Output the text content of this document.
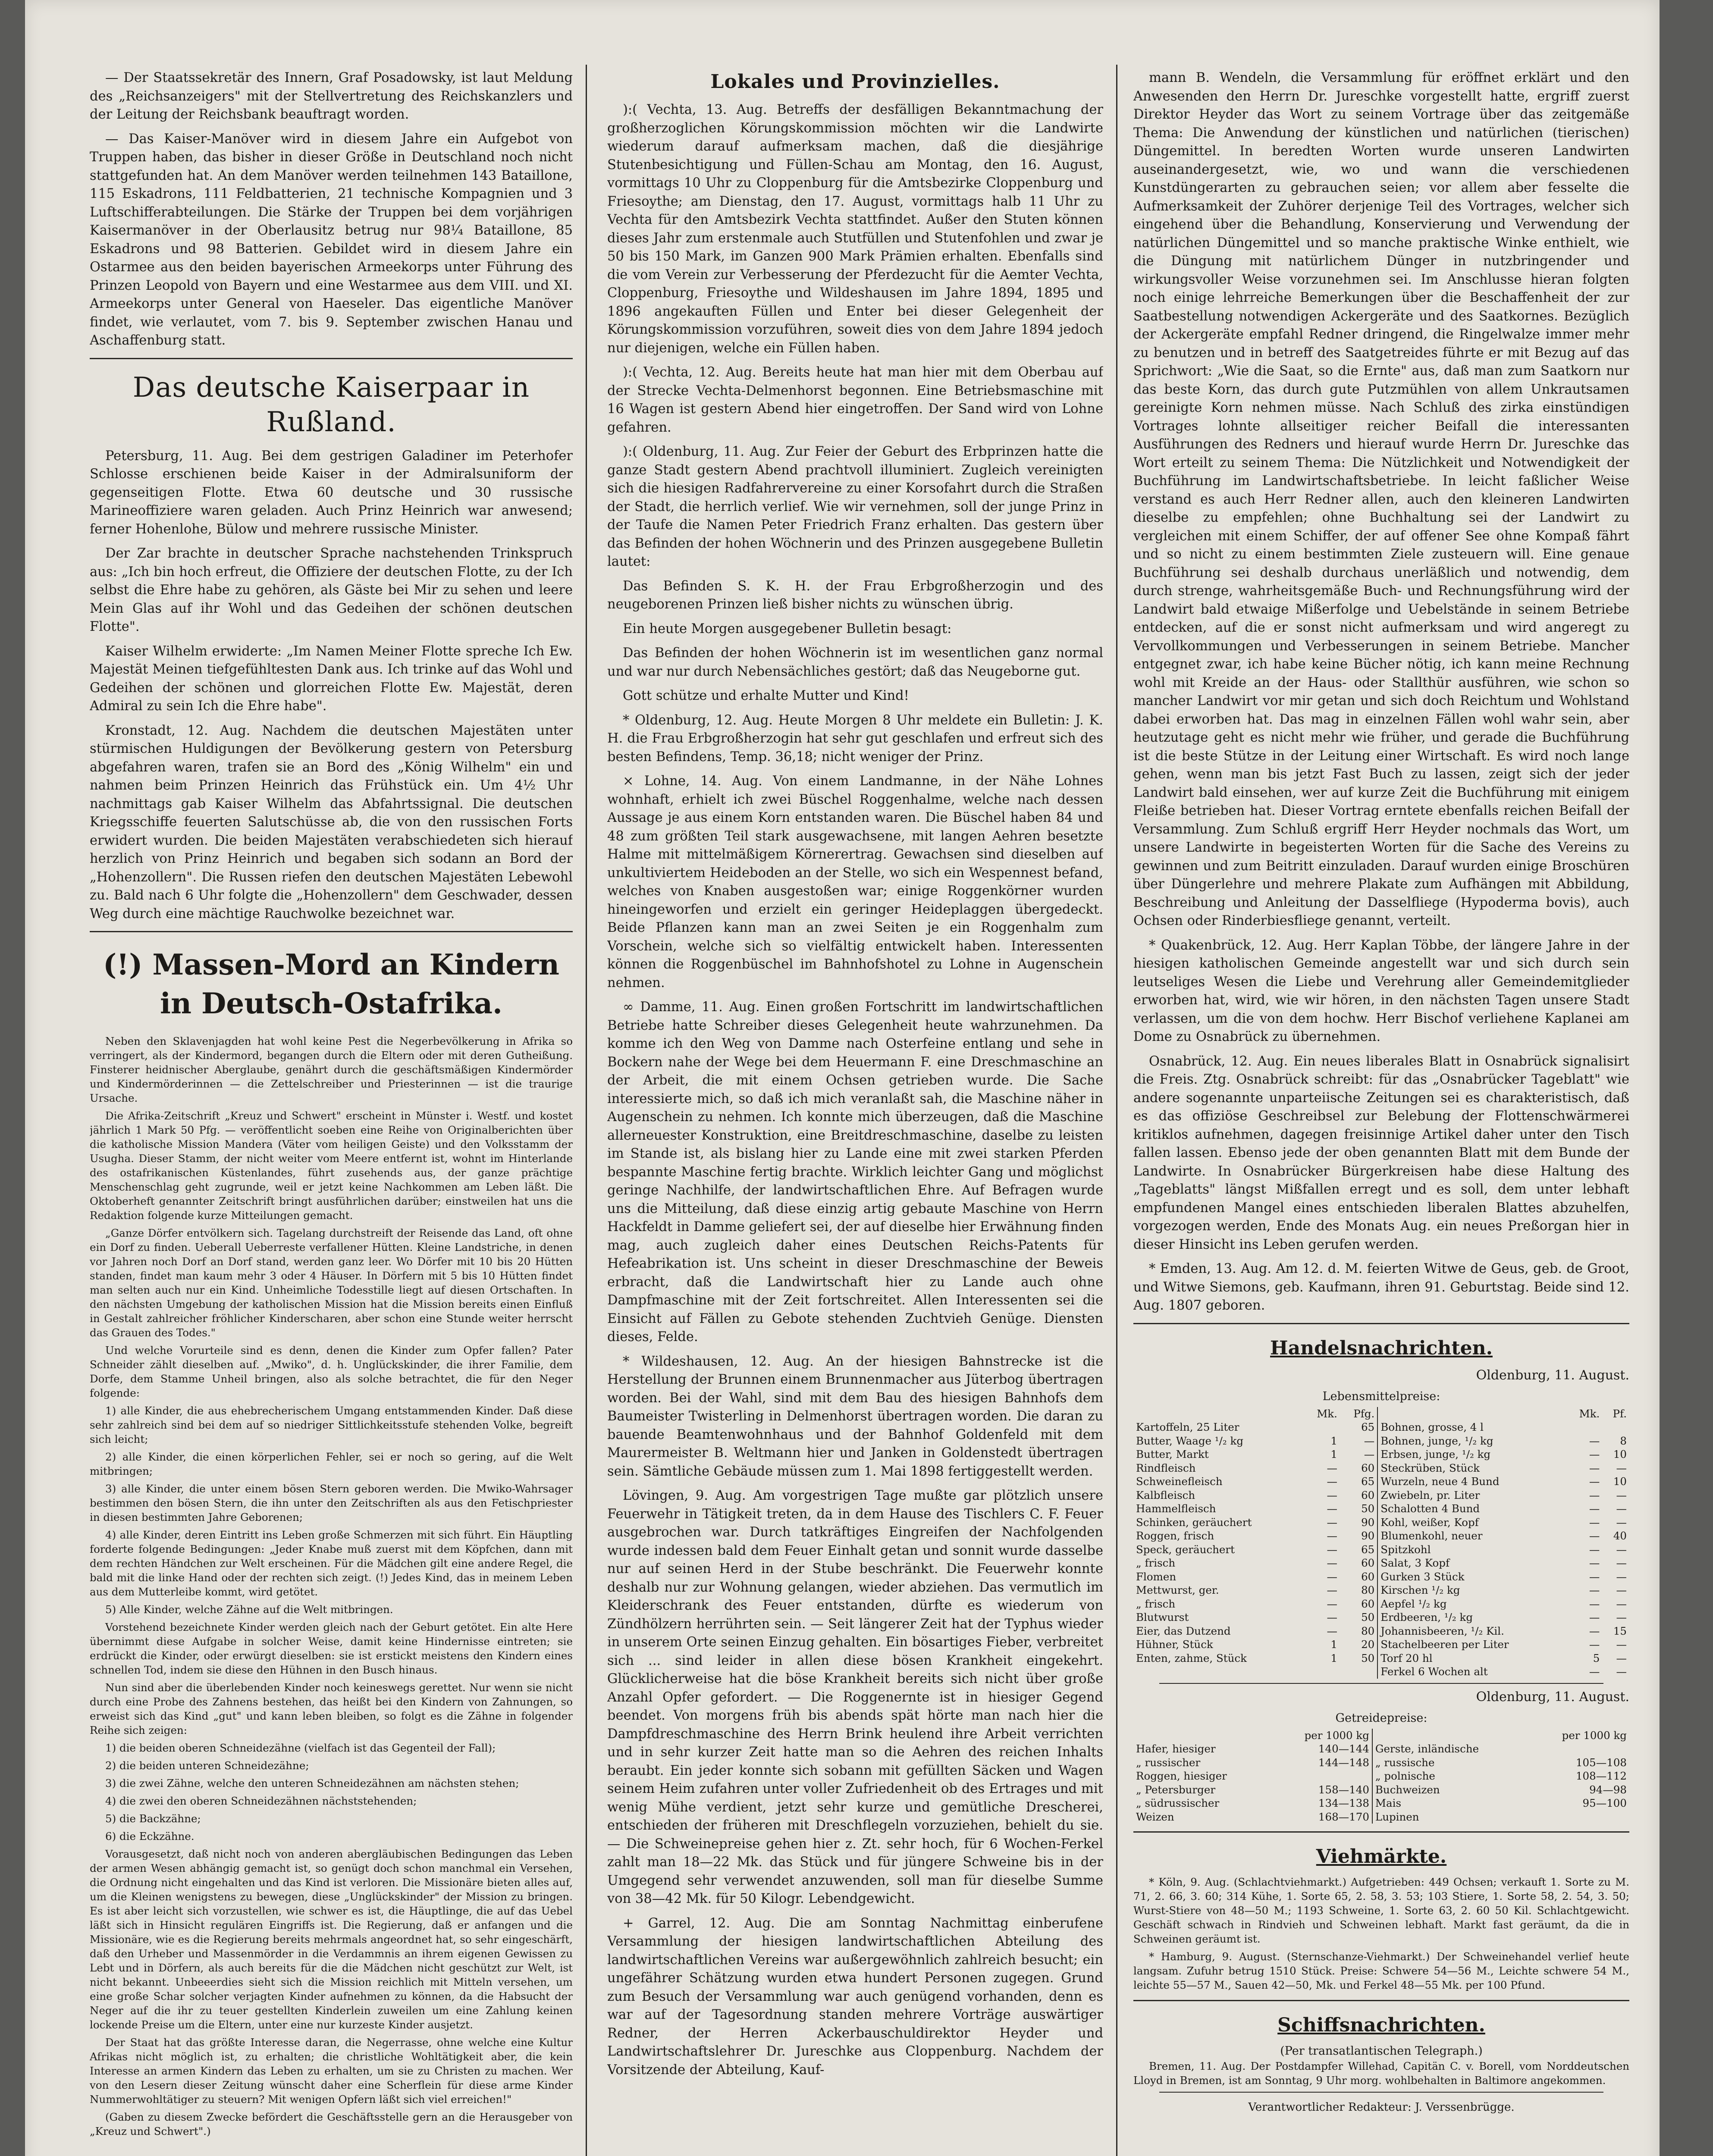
— Der Staatssekretär des Innern, Graf Posadowsky, ist laut Meldung des „Reichsanzeigers" mit der Stellvertretung des Reichskanzlers und der Leitung der Reichsbank beauftragt worden.

— Das Kaiser-Manöver wird in diesem Jahre ein Aufgebot von Truppen haben, das bisher in dieser Größe in Deutschland noch nicht stattgefunden hat. An dem Manöver werden teilnehmen 143 Bataillone, 115 Eskadrons, 111 Feldbatterien, 21 technische Kompagnien und 3 Luftschifferabteilungen. Die Stärke der Truppen bei dem vorjährigen Kaisermanöver in der Oberlausitz betrug nur 98¼ Bataillone, 85 Eskadrons und 98 Batterien. Gebildet wird in diesem Jahre ein Ostarmee aus den beiden bayerischen Armeekorps unter Führung des Prinzen Leopold von Bayern und eine Westarmee aus dem VIII. und XI. Armeekorps unter General von Haeseler. Das eigentliche Manöver findet, wie verlautet, vom 7. bis 9. September zwischen Hanau und Aschaffenburg statt.

Das deutsche Kaiserpaar in Rußland.

Petersburg, 11. Aug. Bei dem gestrigen Galadiner im Peterhofer Schlosse erschienen beide Kaiser in der Admiralsuniform der gegenseitigen Flotte. Etwa 60 deutsche und 30 russische Marineoffiziere waren geladen. Auch Prinz Heinrich war anwesend; ferner Hohenlohe, Bülow und mehrere russische Minister.

Der Zar brachte in deutscher Sprache nachstehenden Trinkspruch aus: „Ich bin hoch erfreut, die Offiziere der deutschen Flotte, zu der Ich selbst die Ehre habe zu gehören, als Gäste bei Mir zu sehen und leere Mein Glas auf ihr Wohl und das Gedeihen der schönen deutschen Flotte".

Kaiser Wilhelm erwiderte: „Im Namen Meiner Flotte spreche Ich Ew. Majestät Meinen tiefgefühltesten Dank aus. Ich trinke auf das Wohl und Gedeihen der schönen und glorreichen Flotte Ew. Majestät, deren Admiral zu sein Ich die Ehre habe".

Kronstadt, 12. Aug. Nachdem die deutschen Majestäten unter stürmischen Huldigungen der Bevölkerung gestern von Petersburg abgefahren waren, trafen sie an Bord des „König Wilhelm" ein und nahmen beim Prinzen Heinrich das Frühstück ein. Um 4½ Uhr nachmittags gab Kaiser Wilhelm das Abfahrtssignal. Die deutschen Kriegsschiffe feuerten Salutschüsse ab, die von den russischen Forts erwidert wurden. Die beiden Majestäten verabschiedeten sich hierauf herzlich von Prinz Heinrich und begaben sich sodann an Bord der „Hohenzollern". Die Russen riefen den deutschen Majestäten Lebewohl zu. Bald nach 6 Uhr folgte die „Hohenzollern" dem Geschwader, dessen Weg durch eine mächtige Rauchwolke bezeichnet war.

(!) Massen-Mord an Kindern in Deutsch-Ostafrika.

Neben den Sklavenjagden hat wohl keine Pest die Negerbevölkerung in Afrika so verringert, als der Kindermord, begangen durch die Eltern oder mit deren Gutheißung. Finsterer heidnischer Aberglaube, genährt durch die geschäftsmäßigen Kindermörder und Kindermörderinnen — die Zettelschreiber und Priesterinnen — ist die traurige Ursache.

Die Afrika-Zeitschrift „Kreuz und Schwert" erscheint in Münster i. Westf. und kostet jährlich 1 Mark 50 Pfg. — veröffentlicht soeben eine Reihe von Originalberichten über die katholische Mission Mandera (Väter vom heiligen Geiste) und den Volksstamm der Usugha. Dieser Stamm, der nicht weiter vom Meere entfernt ist, wohnt im Hinterlande des ostafrikanischen Küstenlandes, führt zusehends aus, der ganze prächtige Menschenschlag geht zugrunde, weil er jetzt keine Nachkommen am Leben läßt. Die Oktoberheft genannter Zeitschrift bringt ausführlichen darüber; einstweilen hat uns die Redaktion folgende kurze Mitteilungen gemacht.

„Ganze Dörfer entvölkern sich. Tagelang durchstreift der Reisende das Land, oft ohne ein Dorf zu finden. Ueberall Ueberreste verfallener Hütten. Kleine Landstriche, in denen vor Jahren noch Dorf an Dorf stand, werden ganz leer. Wo Dörfer mit 10 bis 20 Hütten standen, findet man kaum mehr 3 oder 4 Häuser. In Dörfern mit 5 bis 10 Hütten findet man selten auch nur ein Kind. Unheimliche Todesstille liegt auf diesen Ortschaften. In den nächsten Umgebung der katholischen Mission hat die Mission bereits einen Einfluß in Gestalt zahlreicher fröhlicher Kinderscharen, aber schon eine Stunde weiter herrscht das Grauen des Todes."

Und welche Vorurteile sind es denn, denen die Kinder zum Opfer fallen? Pater Schneider zählt dieselben auf. „Mwiko", d. h. Unglückskinder, die ihrer Familie, dem Dorfe, dem Stamme Unheil bringen, also als solche betrachtet, die für den Neger folgende:

1) alle Kinder, die aus ehebrecherischem Umgang entstammenden Kinder. Daß diese sehr zahlreich sind bei dem auf so niedriger Sittlichkeitsstufe stehenden Volke, begreift sich leicht;

2) alle Kinder, die einen körperlichen Fehler, sei er noch so gering, auf die Welt mitbringen;

3) alle Kinder, die unter einem bösen Stern geboren werden. Die Mwiko-Wahrsager bestimmen den bösen Stern, die ihn unter den Zeitschriften als aus den Fetischpriester in diesen bestimmten Jahre Geborenen;

4) alle Kinder, deren Eintritt ins Leben große Schmerzen mit sich führt. Ein Häuptling forderte folgende Bedingungen: „Jeder Knabe muß zuerst mit dem Köpfchen, dann mit dem rechten Händchen zur Welt erscheinen. Für die Mädchen gilt eine andere Regel, die bald mit die linke Hand oder der rechten sich zeigt. (!) Jedes Kind, das in meinem Leben aus dem Mutterleibe kommt, wird getötet.

5) Alle Kinder, welche Zähne auf die Welt mitbringen.

Vorstehend bezeichnete Kinder werden gleich nach der Geburt getötet. Ein alte Here übernimmt diese Aufgabe in solcher Weise, damit keine Hindernisse eintreten; sie erdrückt die Kinder, oder erwürgt dieselben: sie ist erstickt meistens den Kindern eines schnellen Tod, indem sie diese den Hühnen in den Busch hinaus.

Nun sind aber die überlebenden Kinder noch keineswegs gerettet. Nur wenn sie nicht durch eine Probe des Zahnens bestehen, das heißt bei den Kindern von Zahnungen, so erweist sich das Kind „gut" und kann leben bleiben, so folgt es die Zähne in folgender Reihe sich zeigen:

1) die beiden oberen Schneidezähne (vielfach ist das Gegenteil der Fall);

2) die beiden unteren Schneidezähne;

3) die zwei Zähne, welche den unteren Schneidezähnen am nächsten stehen;

4) die zwei den oberen Schneidezähnen nächststehenden;

5) die Backzähne;

6) die Eckzähne.

Vorausgesetzt, daß nicht noch von anderen abergläubischen Bedingungen das Leben der armen Wesen abhängig gemacht ist, so genügt doch schon manchmal ein Versehen, die Ordnung nicht eingehalten und das Kind ist verloren. Die Missionäre bieten alles auf, um die Kleinen wenigstens zu bewegen, diese „Unglückskinder" der Mission zu bringen. Es ist aber leicht sich vorzustellen, wie schwer es ist, die Häuptlinge, die auf das Uebel läßt sich in Hinsicht regulären Eingriffs ist. Die Regierung, daß er anfangen und die Missionäre, wie es die Regierung bereits mehrmals angeordnet hat, so sehr eingeschärft, daß den Urheber und Massenmörder in die Verdammnis an ihrem eigenen Gewissen zu Lebt und in Dörfern, als auch bereits für die die Mädchen nicht geschützt zur Welt, ist nicht bekannt. Unbeeerdies sieht sich die Mission reichlich mit Mitteln versehen, um eine große Schar solcher verjagten Kinder aufnehmen zu können, da die Habsucht der Neger auf die ihr zu teuer gestellten Kinderlein zuweilen um eine Zahlung keinen lockende Preise um die Eltern, unter eine nur kurzeste Kinder ausjetzt.

Der Staat hat das größte Interesse daran, die Negerrasse, ohne welche eine Kultur Afrikas nicht möglich ist, zu erhalten; die christliche Wohltätigkeit aber, die kein Interesse an armen Kindern das Leben zu erhalten, um sie zu Christen zu machen. Wer von den Lesern dieser Zeitung wünscht daher eine Scherflein für diese arme Kinder Nummerwohltätiger zu steuern? Mit wenigen Opfern läßt sich viel erreichen!"

(Gaben zu diesem Zwecke befördert die Geschäftsstelle gern an die Herausgeber von „Kreuz und Schwert".)

Lokales und Provinzielles.

):( Vechta, 13. Aug. Betreffs der desfälligen Bekanntmachung der großherzoglichen Körungskommission möchten wir die Landwirte wiederum darauf aufmerksam machen, daß die diesjährige Stutenbesichtigung und Füllen-Schau am Montag, den 16. August, vormittags 10 Uhr zu Cloppenburg für die Amtsbezirke Cloppenburg und Friesoythe; am Dienstag, den 17. August, vormittags halb 11 Uhr zu Vechta für den Amtsbezirk Vechta stattfindet. Außer den Stuten können dieses Jahr zum erstenmale auch Stutfüllen und Stutenfohlen und zwar je 50 bis 150 Mark, im Ganzen 900 Mark Prämien erhalten. Ebenfalls sind die vom Verein zur Verbesserung der Pferdezucht für die Aemter Vechta, Cloppenburg, Friesoythe und Wildeshausen im Jahre 1894, 1895 und 1896 angekauften Füllen und Enter bei dieser Gelegenheit der Körungskommission vorzuführen, soweit dies von dem Jahre 1894 jedoch nur diejenigen, welche ein Füllen haben.

):( Vechta, 12. Aug. Bereits heute hat man hier mit dem Oberbau auf der Strecke Vechta-Delmenhorst begonnen. Eine Betriebsmaschine mit 16 Wagen ist gestern Abend hier eingetroffen. Der Sand wird von Lohne gefahren.

):( Oldenburg, 11. Aug. Zur Feier der Geburt des Erbprinzen hatte die ganze Stadt gestern Abend prachtvoll illuminiert. Zugleich vereinigten sich die hiesigen Radfahrervereine zu einer Korsofahrt durch die Straßen der Stadt, die herrlich verlief. Wie wir vernehmen, soll der junge Prinz in der Taufe die Namen Peter Friedrich Franz erhalten. Das gestern über das Befinden der hohen Wöchnerin und des Prinzen ausgegebene Bulletin lautet:

Das Befinden S. K. H. der Frau Erbgroßherzogin und des neugeborenen Prinzen ließ bisher nichts zu wünschen übrig.

Ein heute Morgen ausgegebener Bulletin besagt:

Das Befinden der hohen Wöchnerin ist im wesentlichen ganz normal und war nur durch Nebensächliches gestört; daß das Neugeborne gut.

Gott schütze und erhalte Mutter und Kind!

* Oldenburg, 12. Aug. Heute Morgen 8 Uhr meldete ein Bulletin: J. K. H. die Frau Erbgroßherzogin hat sehr gut geschlafen und erfreut sich des besten Befindens, Temp. 36,18; nicht weniger der Prinz.

× Lohne, 14. Aug. Von einem Landmanne, in der Nähe Lohnes wohnhaft, erhielt ich zwei Büschel Roggenhalme, welche nach dessen Aussage je aus einem Korn entstanden waren. Die Büschel haben 84 und 48 zum größten Teil stark ausgewachsene, mit langen Aehren besetzte Halme mit mittelmäßigem Körnerertrag. Gewachsen sind dieselben auf unkultiviertem Heideboden an der Stelle, wo sich ein Wespennest befand, welches von Knaben ausgestoßen war; einige Roggenkörner wurden hineingeworfen und erzielt ein geringer Heideplaggen übergedeckt. Beide Pflanzen kann man an zwei Seiten je ein Roggenhalm zum Vorschein, welche sich so vielfältig entwickelt haben. Interessenten können die Roggenbüschel im Bahnhofshotel zu Lohne in Augenschein nehmen.

∞ Damme, 11. Aug. Einen großen Fortschritt im landwirtschaftlichen Betriebe hatte Schreiber dieses Gelegenheit heute wahrzunehmen. Da komme ich den Weg von Damme nach Osterfeine entlang und sehe in Bockern nahe der Wege bei dem Heuermann F. eine Dreschmaschine an der Arbeit, die mit einem Ochsen getrieben wurde. Die Sache interessierte mich, so daß ich mich veranlaßt sah, die Maschine näher in Augenschein zu nehmen. Ich konnte mich überzeugen, daß die Maschine allerneuester Konstruktion, eine Breitdreschmaschine, daselbe zu leisten im Stande ist, als bislang hier zu Lande eine mit zwei starken Pferden bespannte Maschine fertig brachte. Wirklich leichter Gang und möglichst geringe Nachhilfe, der landwirtschaftlichen Ehre. Auf Befragen wurde uns die Mitteilung, daß diese einzig artig gebaute Maschine von Herrn Hackfeldt in Damme geliefert sei, der auf dieselbe hier Erwähnung finden mag, auch zugleich daher eines Deutschen Reichs-Patents für Hefeabrikation ist. Uns scheint in dieser Dreschmaschine der Beweis erbracht, daß die Landwirtschaft hier zu Lande auch ohne Dampfmaschine mit der Zeit fortschreitet. Allen Interessenten sei die Einsicht auf Fällen zu Gebote stehenden Zuchtvieh Genüge. Diensten dieses, Felde.

* Wildeshausen, 12. Aug. An der hiesigen Bahnstrecke ist die Herstellung der Brunnen einem Brunnenmacher aus Jüterbog übertragen worden. Bei der Wahl, sind mit dem Bau des hiesigen Bahnhofs dem Baumeister Twisterling in Delmenhorst übertragen worden. Die daran zu bauende Beamtenwohnhaus und der Bahnhof Goldenfeld mit dem Maurermeister B. Weltmann hier und Janken in Goldenstedt übertragen sein. Sämtliche Gebäude müssen zum 1. Mai 1898 fertiggestellt werden.

Lövingen, 9. Aug. Am vorgestrigen Tage mußte gar plötzlich unsere Feuerwehr in Tätigkeit treten, da in dem Hause des Tischlers C. F. Feuer ausgebrochen war. Durch tatkräftiges Eingreifen der Nachfolgenden wurde indessen bald dem Feuer Einhalt getan und sonnit wurde dasselbe nur auf seinen Herd in der Stube beschränkt. Die Feuerwehr konnte deshalb nur zur Wohnung gelangen, wieder abziehen. Das vermutlich im Kleiderschrank des Feuer entstanden, dürfte es wiederum von Zündhölzern herrührten sein. — Seit längerer Zeit hat der Typhus wieder in unserem Orte seinen Einzug gehalten. Ein bösartiges Fieber, verbreitet sich ... sind leider in allen diese bösen Krankheit eingekehrt. Glücklicherweise hat die böse Krankheit bereits sich nicht über große Anzahl Opfer gefordert. — Die Roggenernte ist in hiesiger Gegend beendet. Von morgens früh bis abends spät hörte man nach hier die Dampfdreschmaschine des Herrn Brink heulend ihre Arbeit verrichten und in sehr kurzer Zeit hatte man so die Aehren des reichen Inhalts beraubt. Ein jeder konnte sich sobann mit gefüllten Säcken und Wagen seinem Heim zufahren unter voller Zufriedenheit ob des Ertrages und mit wenig Mühe verdient, jetzt sehr kurze und gemütliche Drescherei, entschieden der früheren mit Dreschflegeln vorzuziehen, behielt du sie. — Die Schweinepreise gehen hier z. Zt. sehr hoch, für 6 Wochen-Ferkel zahlt man 18—22 Mk. das Stück und für jüngere Schweine bis in der Umgegend sehr verwendet anzuwenden, soll man für dieselbe Summe von 38—42 Mk. für 50 Kilogr. Lebendgewicht.

+ Garrel, 12. Aug. Die am Sonntag Nachmittag einberufene Versammlung der hiesigen landwirtschaftlichen Abteilung des landwirtschaftlichen Vereins war außergewöhnlich zahlreich besucht; ein ungefährer Schätzung wurden etwa hundert Personen zugegen. Grund zum Besuch der Versammlung war auch genügend vorhanden, denn es war auf der Tagesordnung standen mehrere Vorträge auswärtiger Redner, der Herren Ackerbauschuldirektor Heyder und Landwirtschaftslehrer Dr. Jureschke aus Cloppenburg. Nachdem der Vorsitzende der Abteilung, Kauf-

mann B. Wendeln, die Versammlung für eröffnet erklärt und den Anwesenden den Herrn Dr. Jureschke vorgestellt hatte, ergriff zuerst Direktor Heyder das Wort zu seinem Vortrage über das zeitgemäße Thema: Die Anwendung der künstlichen und natürlichen (tierischen) Düngemittel. In beredten Worten wurde unseren Landwirten auseinandergesetzt, wie, wo und wann die verschiedenen Kunstdüngerarten zu gebrauchen seien; vor allem aber fesselte die Aufmerksamkeit der Zuhörer derjenige Teil des Vortrages, welcher sich eingehend über die Behandlung, Konservierung und Verwendung der natürlichen Düngemittel und so manche praktische Winke enthielt, wie die Düngung mit natürlichem Dünger in nutzbringender und wirkungsvoller Weise vorzunehmen sei. Im Anschlusse hieran folgten noch einige lehrreiche Bemerkungen über die Beschaffenheit der zur Saatbestellung notwendigen Ackergeräte und des Saatkornes. Bezüglich der Ackergeräte empfahl Redner dringend, die Ringelwalze immer mehr zu benutzen und in betreff des Saatgetreides führte er mit Bezug auf das Sprichwort: „Wie die Saat, so die Ernte" aus, daß man zum Saatkorn nur das beste Korn, das durch gute Putzmühlen von allem Unkrautsamen gereinigte Korn nehmen müsse. Nach Schluß des zirka einstündigen Vortrages lohnte allseitiger reicher Beifall die interessanten Ausführungen des Redners und hierauf wurde Herrn Dr. Jureschke das Wort erteilt zu seinem Thema: Die Nützlichkeit und Notwendigkeit der Buchführung im Landwirtschaftsbetriebe. In leicht faßlicher Weise verstand es auch Herr Redner allen, auch den kleineren Landwirten dieselbe zu empfehlen; ohne Buchhaltung sei der Landwirt zu vergleichen mit einem Schiffer, der auf offener See ohne Kompaß fährt und so nicht zu einem bestimmten Ziele zusteuern will. Eine genaue Buchführung sei deshalb durchaus unerläßlich und notwendig, dem durch strenge, wahrheitsgemäße Buch- und Rechnungsführung wird der Landwirt bald etwaige Mißerfolge und Uebelstände in seinem Betriebe entdecken, auf die er sonst nicht aufmerksam und wird angeregt zu Vervollkommungen und Verbesserungen in seinem Betriebe. Mancher entgegnet zwar, ich habe keine Bücher nötig, ich kann meine Rechnung wohl mit Kreide an der Haus- oder Stallthür ausführen, wie schon so mancher Landwirt vor mir getan und sich doch Reichtum und Wohlstand dabei erworben hat. Das mag in einzelnen Fällen wohl wahr sein, aber heutzutage geht es nicht mehr wie früher, und gerade die Buchführung ist die beste Stütze in der Leitung einer Wirtschaft. Es wird noch lange gehen, wenn man bis jetzt Fast Buch zu lassen, zeigt sich der jeder Landwirt bald einsehen, wer auf kurze Zeit die Buchführung mit einigem Fleiße betrieben hat. Dieser Vortrag erntete ebenfalls reichen Beifall der Versammlung. Zum Schluß ergriff Herr Heyder nochmals das Wort, um unsere Landwirte in begeisterten Worten für die Sache des Vereins zu gewinnen und zum Beitritt einzuladen. Darauf wurden einige Broschüren über Düngerlehre und mehrere Plakate zum Aufhängen mit Abbildung, Beschreibung und Anleitung der Dasselfliege (Hypoderma bovis), auch Ochsen oder Rinderbiesfliege genannt, verteilt.

* Quakenbrück, 12. Aug. Herr Kaplan Többe, der längere Jahre in der hiesigen katholischen Gemeinde angestellt war und sich durch sein leutseliges Wesen die Liebe und Verehrung aller Gemeindemitglieder erworben hat, wird, wie wir hören, in den nächsten Tagen unsere Stadt verlassen, um die von dem hochw. Herr Bischof verliehene Kaplanei am Dome zu Osnabrück zu übernehmen.

Osnabrück, 12. Aug. Ein neues liberales Blatt in Osnabrück signalisirt die Freis. Ztg. Osnabrück schreibt: für das „Osnabrücker Tageblatt" wie andere sogenannte unparteiische Zeitungen sei es charakteristisch, daß es das offiziöse Geschreibsel zur Belebung der Flottenschwärmerei kritiklos aufnehmen, dagegen freisinnige Artikel daher unter den Tisch fallen lassen. Ebenso jede der oben genannten Blatt mit dem Bunde der Landwirte. In Osnabrücker Bürgerkreisen habe diese Haltung des „Tageblatts" längst Mißfallen erregt und es soll, dem unter lebhaft empfundenen Mangel eines entschieden liberalen Blattes abzuhelfen, vorgezogen werden, Ende des Monats Aug. ein neues Preßorgan hier in dieser Hinsicht ins Leben gerufen werden.

* Emden, 13. Aug. Am 12. d. M. feierten Witwe de Geus, geb. de Groot, und Witwe Siemons, geb. Kaufmann, ihren 91. Geburtstag. Beide sind 12. Aug. 1807 geboren.

Handelsnachrichten.
Oldenburg, 11. August.
Lebensmittelpreise:
	Mk.	Pfg.		Mk.	Pf.
Kartoffeln, 25 Liter		65	Bohnen, grosse, 4 l		
Butter, Waage ¹/₂ kg	1	—	Bohnen, junge, ¹/₂ kg	—	8
Butter, Markt	1	—	Erbsen, junge, ¹/₂ kg	—	10
Rindfleisch	—	60	Steckrüben, Stück	—	—
Schweinefleisch	—	65	Wurzeln, neue 4 Bund	—	10
Kalbfleisch	—	60	Zwiebeln, pr. Liter	—	—
Hammelfleisch	—	50	Schalotten 4 Bund	—	—
Schinken, geräuchert	—	90	Kohl, weißer, Kopf	—	—
Roggen, frisch	—	90	Blumenkohl, neuer	—	40
Speck, geräuchert	—	65	Spitzkohl	—	—
„ frisch	—	60	Salat, 3 Kopf	—	—
Flomen	—	60	Gurken 3 Stück	—	—
Mettwurst, ger.	—	80	Kirschen ¹/₂ kg	—	—
„ frisch	—	60	Aepfel ¹/₂ kg	—	—
Blutwurst	—	50	Erdbeeren, ¹/₂ kg	—	—
Eier, das Dutzend	—	80	Johannisbeeren, ¹/₂ Kil.	—	15
Hühner, Stück	1	20	Stachelbeeren per Liter	—	—
Enten, zahme, Stück	1	50	Torf 20 hl	5	—
			Ferkel 6 Wochen alt	—	—
Oldenburg, 11. August.
Getreidepreise:
	per 1000 kg		per 1000 kg
Hafer, hiesiger	140—144	Gerste, inländische	
„ russischer	144—148	„ russische	105—108
Roggen, hiesiger		„ polnische	108—112
„ Petersburger	158—140	Buchweizen	94—98
„ südrussischer	134—138	Mais	95—100
Weizen	168—170	Lupinen	
Viehmärkte.

* Köln, 9. Aug. (Schlachtviehmarkt.) Aufgetrieben: 449 Ochsen; verkauft 1. Sorte zu M. 71, 2. 66, 3. 60; 314 Kühe, 1. Sorte 65, 2. 58, 3. 53; 103 Stiere, 1. Sorte 58, 2. 54, 3. 50; Wurst-Stiere von 48—50 M.; 1193 Schweine, 1. Sorte 63, 2. 60 50 Kil. Schlachtgewicht. Geschäft schwach in Rindvieh und Schweinen lebhaft. Markt fast geräumt, da die in Schweinen geräumt ist.

* Hamburg, 9. August. (Sternschanze-Viehmarkt.) Der Schweinehandel verlief heute langsam. Zufuhr betrug 1510 Stück. Preise: Schwere 54—56 M., Leichte schwere 54 M., leichte 55—57 M., Sauen 42—50, Mk. und Ferkel 48—55 Mk. per 100 Pfund.

Schiffsnachrichten.
(Per transatlantischen Telegraph.)

Bremen, 11. Aug. Der Postdampfer Willehad, Capitän C. v. Borell, vom Norddeutschen Lloyd in Bremen, ist am Sonntag, 9 Uhr morg. wohlbehalten in Baltimore angekommen.

Verantwortlicher Redakteur: J. Verssenbrügge.
